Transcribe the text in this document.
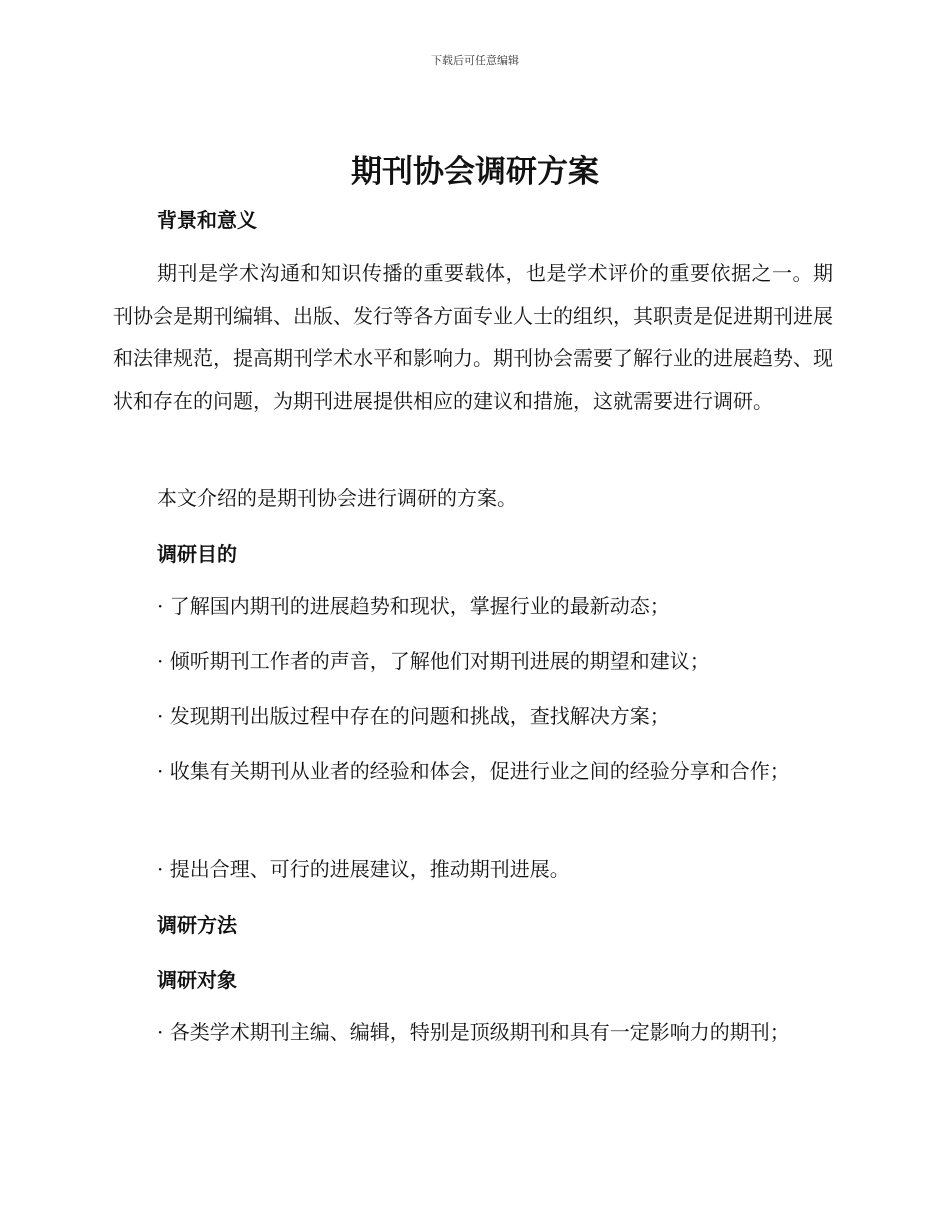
下载后可任意编辑
期刊协会调研方案
背景和意义

期刊是学术沟通和知识传播的重要载体，也是学术评价的重要依据之一。期刊协会是期刊编辑、出版、发行等各方面专业人士的组织，其职责是促进期刊进展和法律规范，提高期刊学术水平和影响力。期刊协会需要了解行业的进展趋势、现状和存在的问题，为期刊进展提供相应的建议和措施，这就需要进行调研。

本文介绍的是期刊协会进行调研的方案。

调研目的

· 了解国内期刊的进展趋势和现状，掌握行业的最新动态；

· 倾听期刊工作者的声音，了解他们对期刊进展的期望和建议；

· 发现期刊出版过程中存在的问题和挑战，查找解决方案；

· 收集有关期刊从业者的经验和体会，促进行业之间的经验分享和合作；

· 提出合理、可行的进展建议，推动期刊进展。

调研方法
调研对象

· 各类学术期刊主编、编辑，特别是顶级期刊和具有一定影响力的期刊；
